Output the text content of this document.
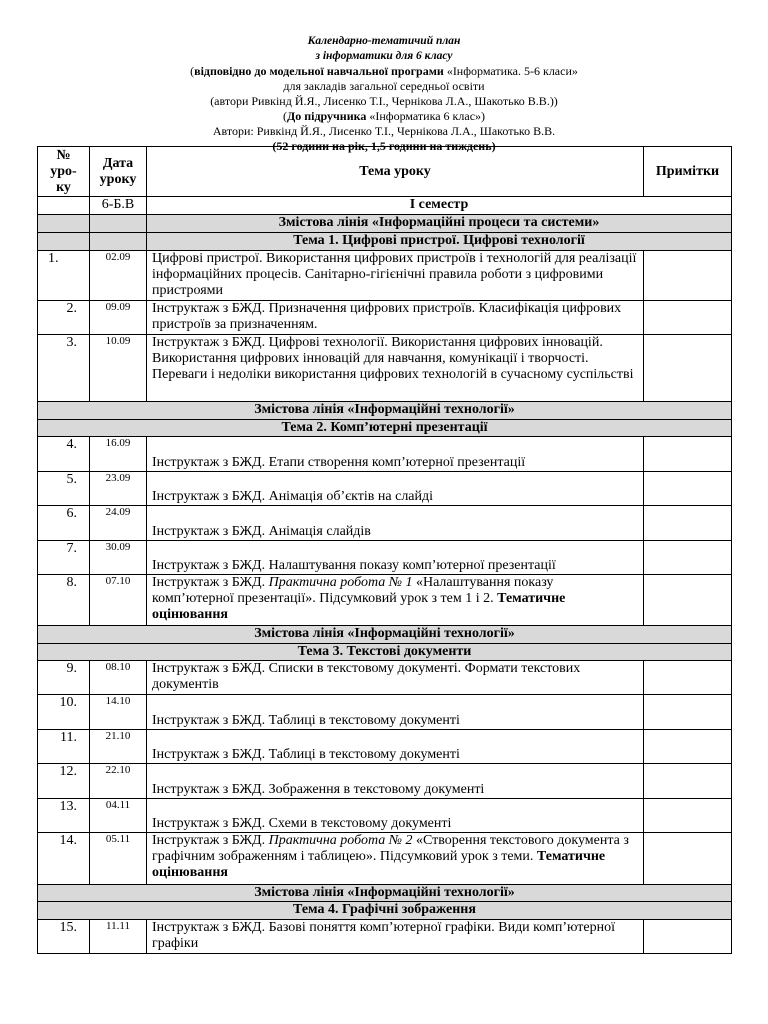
Календарно-тематичий план
з інформатики для 6 класу
(відповідно до модельної навчальної програми «Інформатика. 5-6 класи»
для закладів загальної середньої освіти
(автори Ривкінд Й.Я., Лисенко Т.І., Чернікова Л.А., Шакотько В.В.))
(До підручника «Інформатика 6 клас»)
Автори: Ривкінд Й.Я., Лисенко Т.І., Чернікова Л.А., Шакотько В.В.
(52 години на рік, 1,5 години на тиждень)
№ уро-ку	Дата уроку	Тема уроку	Примітки
	6-Б.В	І семестр	
		Змістова лінія «Інформаційні процеси та системи»	
		Тема 1. Цифрові пристрої. Цифрові технології	
1.	02.09	Цифрові пристрої. Використання цифрових пристроїв і технологій для реалізації інформаційних процесів. Санітарно-гігієнічні правила роботи з цифровими пристроями	
2.	09.09	Інструктаж з БЖД. Призначення цифрових пристроїв. Класифікація цифрових пристроїв за призначенням.	
3.	10.09	Інструктаж з БЖД. Цифрові технології. Використання цифрових інновацій. Використання цифрових інновацій для навчання, комунікації і творчості. Переваги і недоліки використання цифрових технологій в сучасному суспільстві	
Змістова лінія «Інформаційні технології»			
Тема 2. Комп’ютерні презентації			
4.	16.09	Інструктаж з БЖД. Етапи створення комп’ютерної презентації	
5.	23.09	Інструктаж з БЖД. Анімація об’єктів на слайді	
6.	24.09	Інструктаж з БЖД. Анімація слайдів	
7.	30.09	Інструктаж з БЖД. Налаштування показу комп’ютерної презентації	
8.	07.10	Інструктаж з БЖД. Практична робота № 1 «Налаштування показу комп’ютерної презентації». Підсумковий урок з тем 1 і 2. Тематичне оцінювання	
Змістова лінія «Інформаційні технології»			
Тема 3. Текстові документи			
9.	08.10	Інструктаж з БЖД. Списки в текстовому документі. Формати текстових документів	
10.	14.10	Інструктаж з БЖД. Таблиці в текстовому документі	
11.	21.10	Інструктаж з БЖД. Таблиці в текстовому документі	
12.	22.10	Інструктаж з БЖД. Зображення в текстовому документі	
13.	04.11	Інструктаж з БЖД. Схеми в текстовому документі	
14.	05.11	Інструктаж з БЖД. Практична робота № 2 «Створення текстового документа з графічним зображенням і таблицею». Підсумковий урок з теми. Тематичне оцінювання	
Змістова лінія «Інформаційні технології»			
Тема 4. Графічні зображення			
15.	11.11	Інструктаж з БЖД. Базові поняття комп’ютерної графіки. Види комп’ютерної графіки	
